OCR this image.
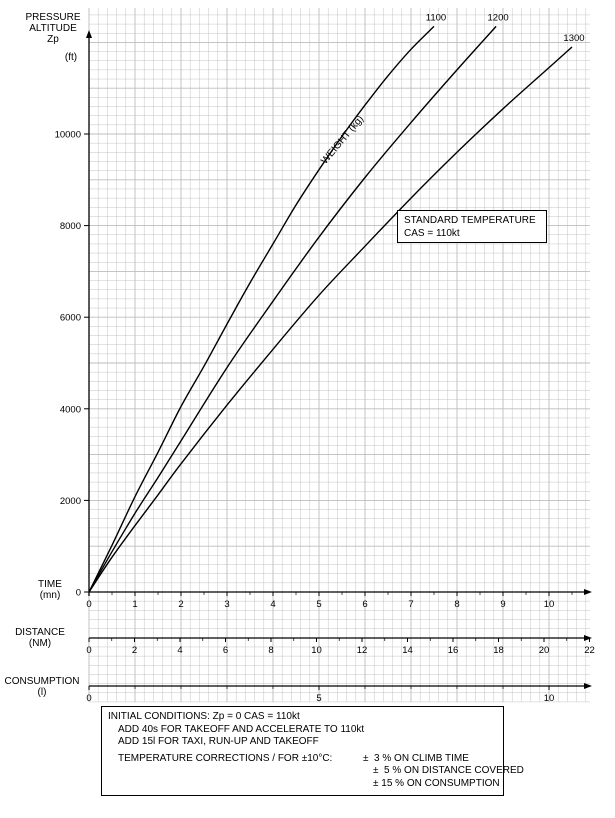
WEIGHT (kg)
0
2000
4000
6000
8000
10000
0	1	2	3	4	5	6	7	8	9	10
0	2	4	6	8	10	12	14	16	18	20	22
0	5	10
1100	1200
1300
PRESSURE
ALTITUDE
Zp
(ft)
TIME
(mn)
DISTANCE
(NM)
CONSUMPTION
(l)
STANDARD TEMPERATURE
CAS = 110kt
INITIAL CONDITIONS: Zp = 0 CAS = 110kt
ADD 40s FOR TAKEOFF AND ACCELERATE TO 110kt
ADD 15l FOR TAXI, RUN-UP AND TAKEOFF
TEMPERATURE CORRECTIONS / FOR ±10°C:	±  3 % ON CLIMB TIME
±  5 % ON DISTANCE COVERED
± 15 % ON CONSUMPTION
